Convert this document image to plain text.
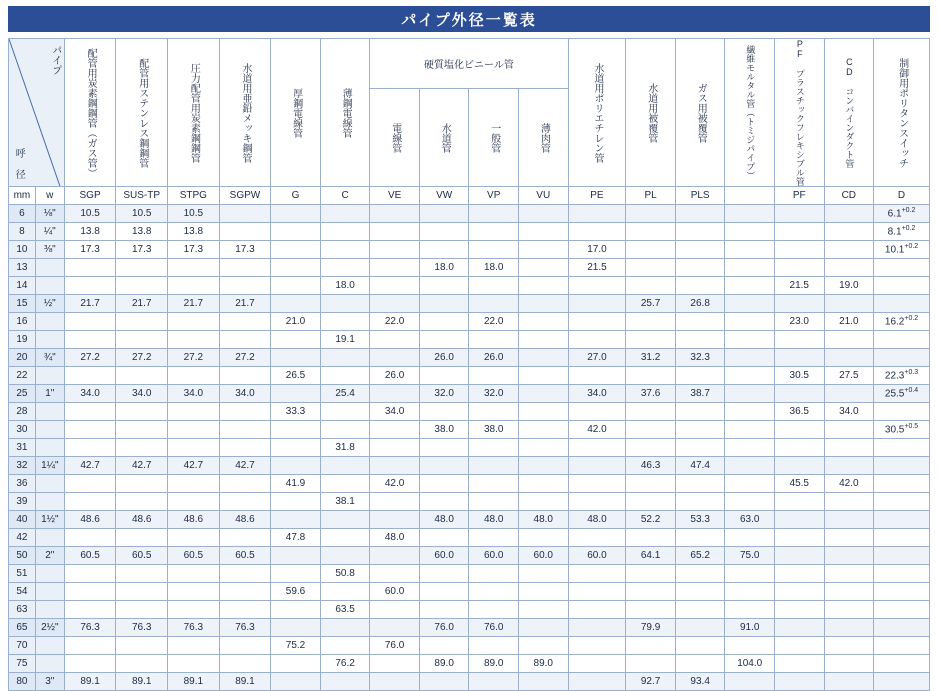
パイプ外径一覧表
パイプ
呼 径		配管用炭素鋼鋼管（ガス管）	配管用ステンレス鋼鋼管	圧力配管用炭素鋼鋼管	水道用亜鉛メッキ鋼管	厚鋼電線管	薄鋼電線管	硬質塩化ビニール管				水道用ポリエチレン管	水道用被覆管	ガス用被覆管	繊維モルタル管（トミジパイプ）	PF プラスチックフレキシブル管	CD コンバインダクト管	制御用ポリタンスイッチ

								電線管	水道管	一般管	薄肉管							

mm	w	SGP	SUS-TP	STPG	SGPW	G	C	VE	VW	VP	VU	PE	PL	PLS		PF	CD	D
6	⅛"	10.5	10.5	10.5														$6.1^{+0.2}$
8	¼"	13.8	13.8	13.8														$8.1^{+0.2}$
10	⅜"	17.3	17.3	17.3	17.3							17.0						$10.1^{+0.2}$
13									18.0	18.0		21.5						
14							18.0									21.5	19.0	
15	½"	21.7	21.7	21.7	21.7								25.7	26.8				
16						21.0		22.0		22.0						23.0	21.0	$16.2^{+0.2}$
19							19.1											
20	¾"	27.2	27.2	27.2	27.2				26.0	26.0		27.0	31.2	32.3				
22						26.5		26.0								30.5	27.5	$22.3^{+0.3}$
25	1"	34.0	34.0	34.0	34.0		25.4		32.0	32.0		34.0	37.6	38.7				$25.5^{+0.4}$
28						33.3		34.0								36.5	34.0	
30									38.0	38.0		42.0						$30.5^{+0.5}$
31							31.8											
32	1¼"	42.7	42.7	42.7	42.7								46.3	47.4				
36						41.9		42.0								45.5	42.0	
39							38.1											
40	1½"	48.6	48.6	48.6	48.6				48.0	48.0	48.0	48.0	52.2	53.3	63.0			
42						47.8		48.0										
50	2"	60.5	60.5	60.5	60.5				60.0	60.0	60.0	60.0	64.1	65.2	75.0			
51							50.8											
54						59.6		60.0										
63							63.5											
65	2½"	76.3	76.3	76.3	76.3				76.0	76.0			79.9		91.0			
70						75.2		76.0										
75							76.2		89.0	89.0	89.0				104.0			
80	3"	89.1	89.1	89.1	89.1								92.7	93.4				
